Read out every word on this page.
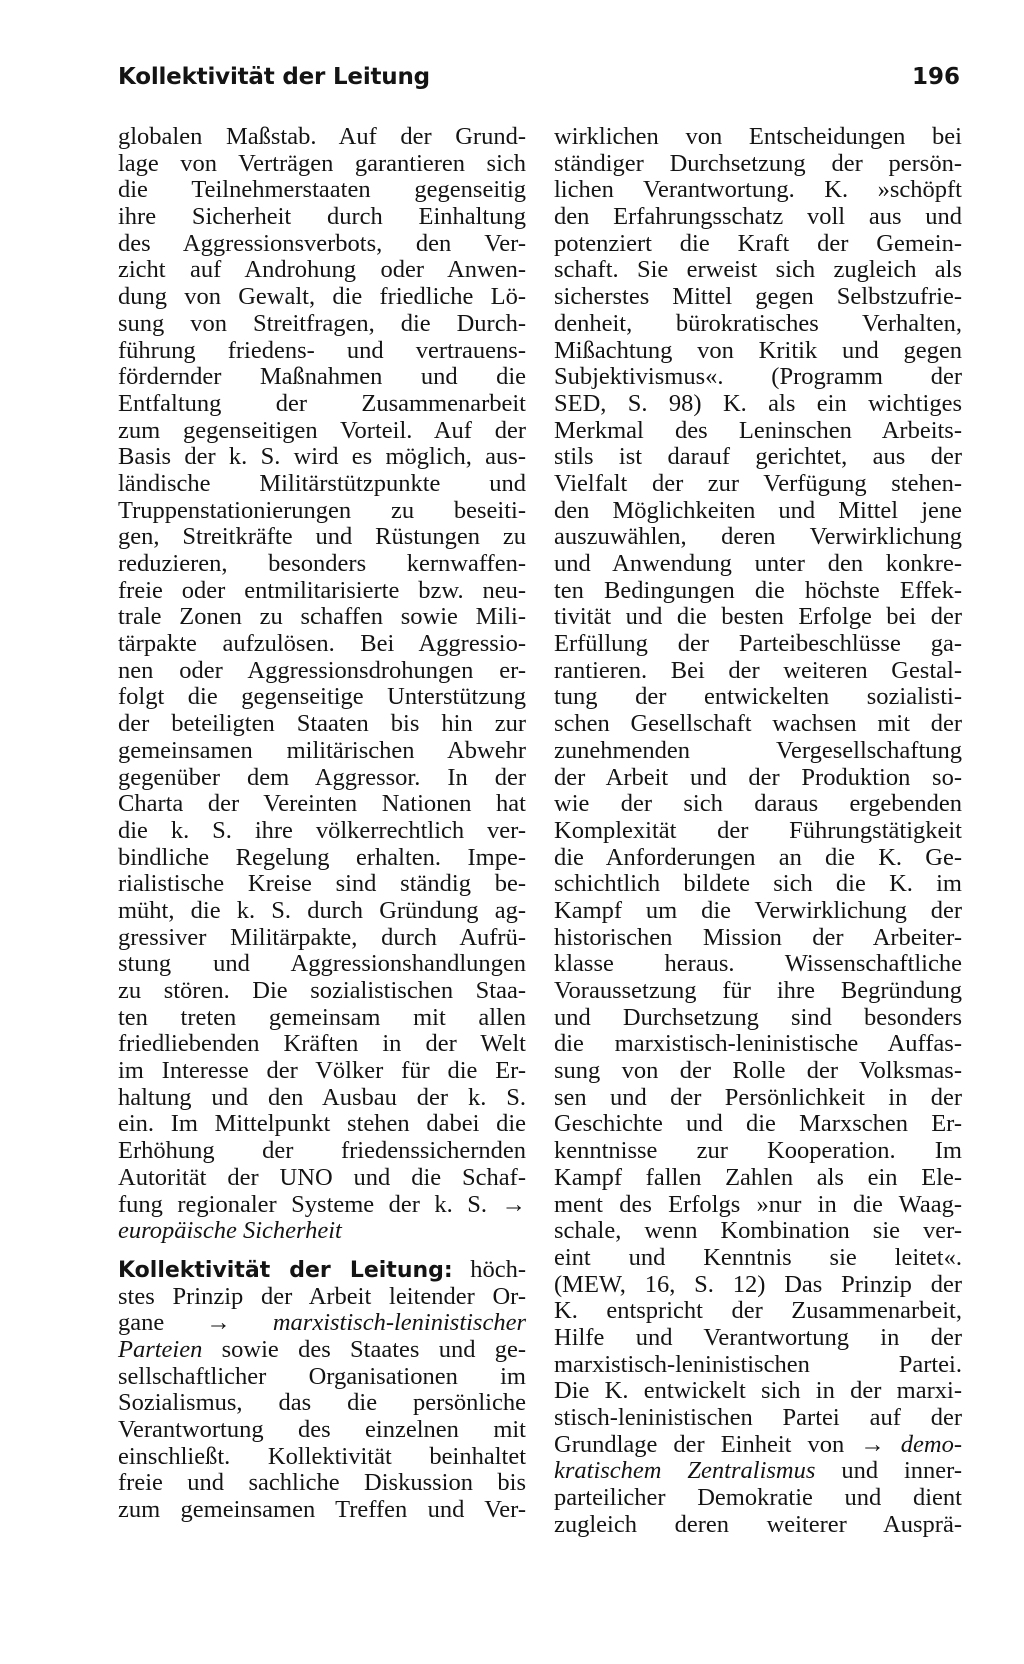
Kollektivität der Leitung	196
globalen Maßstab. Auf der Grund-
lage von Verträgen garantieren sich
die Teilnehmerstaaten gegenseitig
ihre Sicherheit durch Einhaltung
des Aggressionsverbots, den Ver-
zicht auf Androhung oder Anwen-
dung von Gewalt, die friedliche Lö-
sung von Streitfragen, die Durch-
führung friedens- und vertrauens-
fördernder Maßnahmen und die
Entfaltung der Zusammenarbeit
zum gegenseitigen Vorteil. Auf der
Basis der k. S. wird es möglich, aus-
ländische Militärstützpunkte und
Truppenstationierungen zu beseiti-
gen, Streitkräfte und Rüstungen zu
reduzieren, besonders kernwaffen-
freie oder entmilitarisierte bzw. neu-
trale Zonen zu schaffen sowie Mili-
tärpakte aufzulösen. Bei Aggressio-
nen oder Aggressionsdrohungen er-
folgt die gegenseitige Unterstützung
der beteiligten Staaten bis hin zur
gemeinsamen militärischen Abwehr
gegenüber dem Aggressor. In der
Charta der Vereinten Nationen hat
die k. S. ihre völkerrechtlich ver-
bindliche Regelung erhalten. Impe-
rialistische Kreise sind ständig be-
müht, die k. S. durch Gründung ag-
gressiver Militärpakte, durch Aufrü-
stung und Aggressionshandlungen
zu stören. Die sozialistischen Staa-
ten treten gemeinsam mit allen
friedliebenden Kräften in der Welt
im Interesse der Völker für die Er-
haltung und den Ausbau der k. S.
ein. Im Mittelpunkt stehen dabei die
Erhöhung der friedenssichernden
Autorität der UNO und die Schaf-
fung regionaler Systeme der k. S. →
europäische Sicherheit
Kollektivität der Leitung: höch-
stes Prinzip der Arbeit leitender Or-
gane → marxistisch-leninistischer
Parteien sowie des Staates und ge-
sellschaftlicher Organisationen im
Sozialismus, das die persönliche
Verantwortung des einzelnen mit
einschließt. Kollektivität beinhaltet
freie und sachliche Diskussion bis
zum gemeinsamen Treffen und Ver-
wirklichen von Entscheidungen bei
ständiger Durchsetzung der persön-
lichen Verantwortung. K. »schöpft
den Erfahrungsschatz voll aus und
potenziert die Kraft der Gemein-
schaft. Sie erweist sich zugleich als
sicherstes Mittel gegen Selbstzufrie-
denheit, bürokratisches Verhalten,
Mißachtung von Kritik und gegen
Subjektivismus«. (Programm der
SED, S. 98) K. als ein wichtiges
Merkmal des Leninschen Arbeits-
stils ist darauf gerichtet, aus der
Vielfalt der zur Verfügung stehen-
den Möglichkeiten und Mittel jene
auszuwählen, deren Verwirklichung
und Anwendung unter den konkre-
ten Bedingungen die höchste Effek-
tivität und die besten Erfolge bei der
Erfüllung der Parteibeschlüsse ga-
rantieren. Bei der weiteren Gestal-
tung der entwickelten sozialisti-
schen Gesellschaft wachsen mit der
zunehmenden Vergesellschaftung
der Arbeit und der Produktion so-
wie der sich daraus ergebenden
Komplexität der Führungstätigkeit
die Anforderungen an die K. Ge-
schichtlich bildete sich die K. im
Kampf um die Verwirklichung der
historischen Mission der Arbeiter-
klasse heraus. Wissenschaftliche
Voraussetzung für ihre Begründung
und Durchsetzung sind besonders
die marxistisch-leninistische Auffas-
sung von der Rolle der Volksmas-
sen und der Persönlichkeit in der
Geschichte und die Marxschen Er-
kenntnisse zur Kooperation. Im
Kampf fallen Zahlen als ein Ele-
ment des Erfolgs »nur in die Waag-
schale, wenn Kombination sie ver-
eint und Kenntnis sie leitet«.
(MEW, 16, S. 12) Das Prinzip der
K. entspricht der Zusammenarbeit,
Hilfe und Verantwortung in der
marxistisch-leninistischen Partei.
Die K. entwickelt sich in der marxi-
stisch-leninistischen Partei auf der
Grundlage der Einheit von → demo-
kratischem Zentralismus und inner-
parteilicher Demokratie und dient
zugleich deren weiterer Ausprä-
